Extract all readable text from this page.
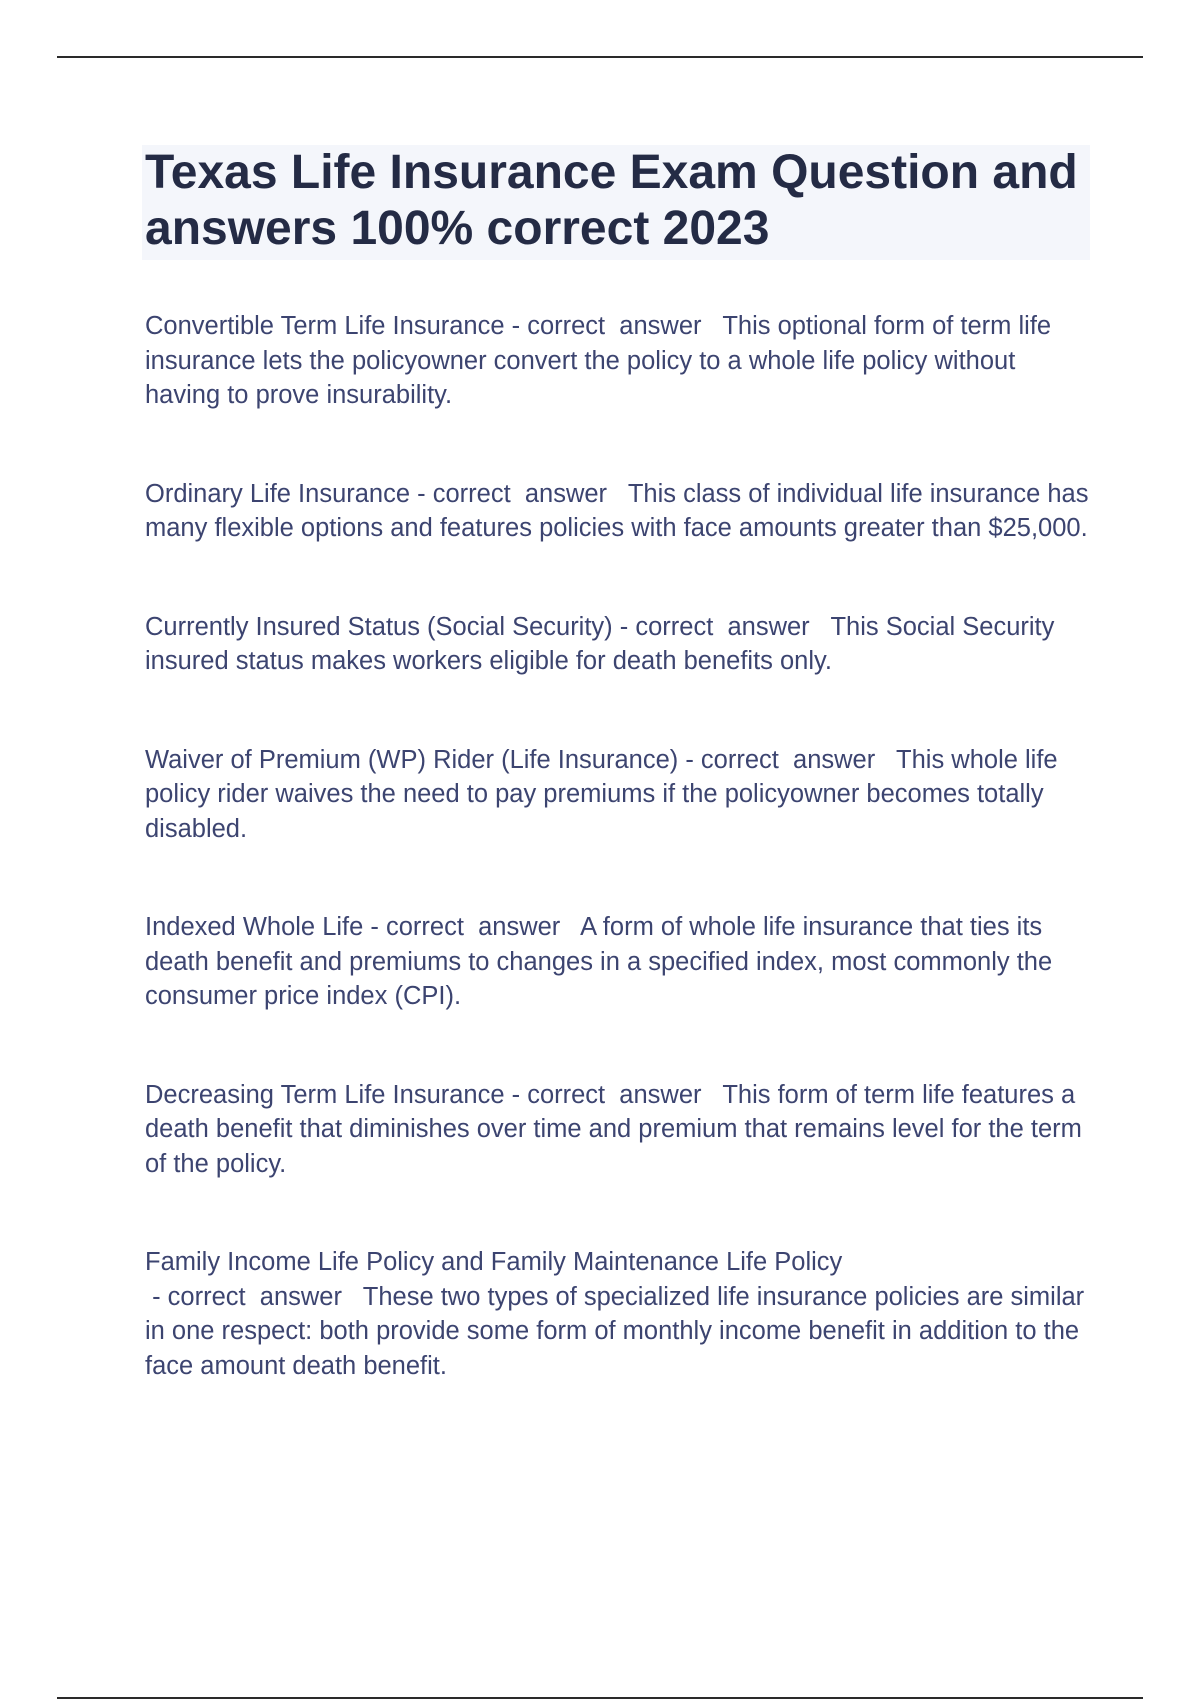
Texas Life Insurance Exam Question and answers 100% correct 2023

Convertible Term Life Insurance - correct  answer   This optional form of term life insurance lets the policyowner convert the policy to a whole life policy without having to prove insurability.

Ordinary Life Insurance - correct  answer   This class of individual life insurance has many flexible options and features policies with face amounts greater than $25,000.

Currently Insured Status (Social Security) - correct  answer   This Social Security insured status makes workers eligible for death benefits only.

Waiver of Premium (WP) Rider (Life Insurance) - correct  answer   This whole life policy rider waives the need to pay premiums if the policyowner becomes totally disabled.

Indexed Whole Life - correct  answer   A form of whole life insurance that ties its death benefit and premiums to changes in a specified index, most commonly the consumer price index (CPI).

Decreasing Term Life Insurance - correct  answer   This form of term life features a death benefit that diminishes over time and premium that remains level for the term of the policy.

Family Income Life Policy and Family Maintenance Life Policy - correct  answer   These two types of specialized life insurance policies are similar in one respect: both provide some form of monthly income benefit in addition to the face amount death benefit.
